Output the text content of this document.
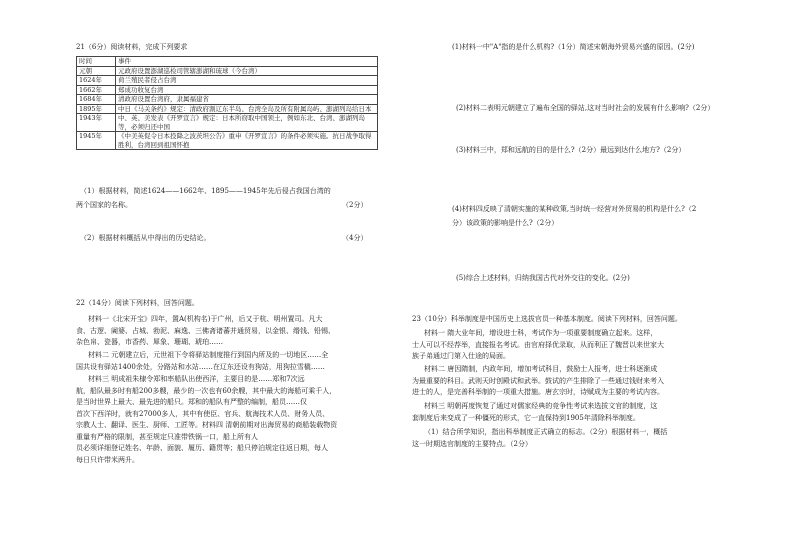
21（6分）阅读材料，完成下列要求

时间	事件
元朝	元政府设置澎湖巡检司管辖澎湖和琉球（今台湾）
1624年	荷兰殖民者侵占台湾
1662年	郑成功收复台湾
1684年	清政府设置台湾府，隶属福建省
1895年	中日《马关条约》规定：清政府割辽东半岛、台湾全岛及所有附属岛屿、澎湖列岛给日本
1943年	中、英、美发表《开罗宣言》规定：日本所窃取中国领土，例如东北、台湾、澎湖列岛等，必须归还中国
1945年	《中美英促令日本投降之波茨坦公告》重申《开罗宣言》的条件必须实施。抗日战争取得胜利，台湾回到祖国怀抱

（1）根据材料，简述1624——1662年、1895——1945年先后侵占我国台湾的

两个国家的名称。	（2分）

（2）根据材料概括从中得出的历史结论。	（4分）

22（14分）阅读下列材料，回答问题。

材料一《北宋开宝》四年，置A(机构名)于广州，后又于杭、明州置司。凡大

食、古逻、阇婆、占城、勃泥、麻逸、三佛斋诸蕃并通贸易，以金银、缗钱、铅锡、

杂色帛、瓷器，市香药、犀象、珊瑚、琥珀……

材料二 元朝建立后，元世祖下令将驿站制度推行到国内所及的一切地区……全

国共设有驿站1400余处，分路站和水站……在辽东还设有狗站，用狗拉雪橇……

材料三 明成祖朱棣令郑和率船队出使西洋，主要目的是……郑和7次远

航，船队最多时有船200多艘，最少的一次也有60余艘，其中最大的海船可乘千人，

是当时世界上最大、最先进的船只。郑和的船队有严整的编制，船员……仅

首次下西洋时，就有27000多人，其中有使臣、官兵、航海技术人员、财务人员、

宗教人士、翻译、医生、厨师、工匠等。材料四 清朝前期对出海贸易的商船装载物资

重量有严格的限制，甚至规定只准带铁锅一口，船上所有人

员必须详细登记姓名、年龄、面貌、履历、籍贯等；船只停泊规定往返日期，每人

每日只许带米两升。

(1)材料一中"A"指的是什么机构?（1分）简述宋朝海外贸易兴盛的原因。(2分)

(2)材料二表明元朝建立了遍布全国的驿站,这对当时社会的发展有什么影响?（2分）

(3)材料三中，郑和远航的目的是什么?（2分）最远到达什么地方?（2分）

(4)材料四反映了清朝实施的某种政策,当时统一经营对外贸易的机构是什么?（2

分）该政策的影响是什么?（2分）

(5)综合上述材料，归纳我国古代对外交往的变化。(2分)

23（10分）科举制度是中国历史上选拔官员一种基本制度。阅读下列材料，回答问题。

材料一 隋大业年间，增设进士科，考试作为一项重要制度确立起来。这样，

士人可以不经荐举，直接报名考试。由官府择优录取，从而利正了魏晋以来世家大

族子弟通过门第入仕途的局面。

材料二 唐因隋制，内政年间，增加考试科目，鼓励士人报考，进士科逐渐成

为最重要的科目。武则天时创殿试和武举。鼓试的产生排除了一些通过钱财来考入

进士的人，是完善科举制的一项重大措施。唐玄宗时，诗赋成为主要的考试内容。

材料三 明朝再度恢复了通过对儒家经典的竞争性考试来选拔文官的制度，这

套制度后来变成了一种僵死的形式，它一直保持到1905年清除科举制度。

（1）结合所学知识，指出科举制度正式确立的标志。（2分）根据材料一，概括

这一时期选官制度的主要特点。（2分）
